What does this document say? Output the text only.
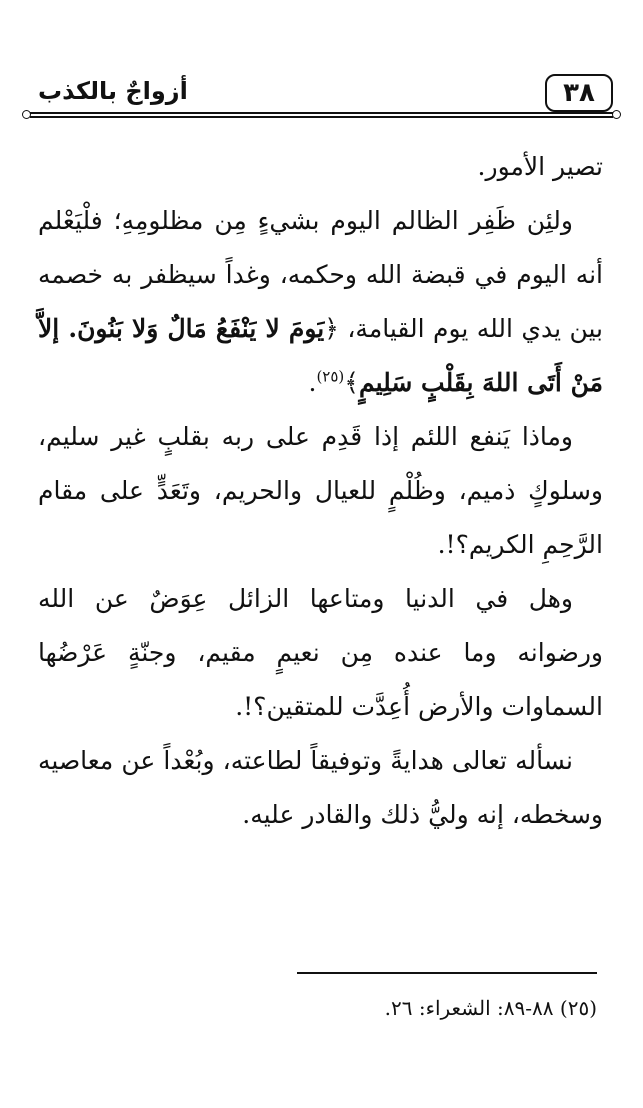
٣٨
أزواجٌ بالكذب

تصير الأمور.

ولئِن ظَفِر الظالم اليوم بشيءٍ مِن مظلومِهِ؛ فلْيَعْلم أنه اليوم في قبضة الله وحكمه، وغداً سيظفر به خصمه بين يدي الله يوم القيامة، ﴿يَومَ لا يَنْفَعُ مَالٌ وَلا بَنُونَ. إلاَّ مَنْ أَتَى اللهَ بِقَلْبٍ سَلِيمٍ﴾$^{(٢٥)}$.

وماذا يَنفع اللئم إذا قَدِم على ربه بقلبٍ غير سليم، وسلوكٍ ذميم، وظُلْمٍ للعيال والحريم، وتَعَدٍّ على مقام الرَّحِمِ الكريم؟!.

وهل في الدنيا ومتاعها الزائل عِوَضٌ عن الله ورضوانه وما عنده مِن نعيمٍ مقيم، وجنّةٍ عَرْضُها السماوات والأرض أُعِدَّت للمتقين؟!.

نسأله تعالى هدايةً وتوفيقاً لطاعته، وبُعْداً عن معاصيه وسخطه، إنه وليُّ ذلك والقادر عليه.

(٢٥) ٨٨-٨٩: الشعراء: ٢٦.
